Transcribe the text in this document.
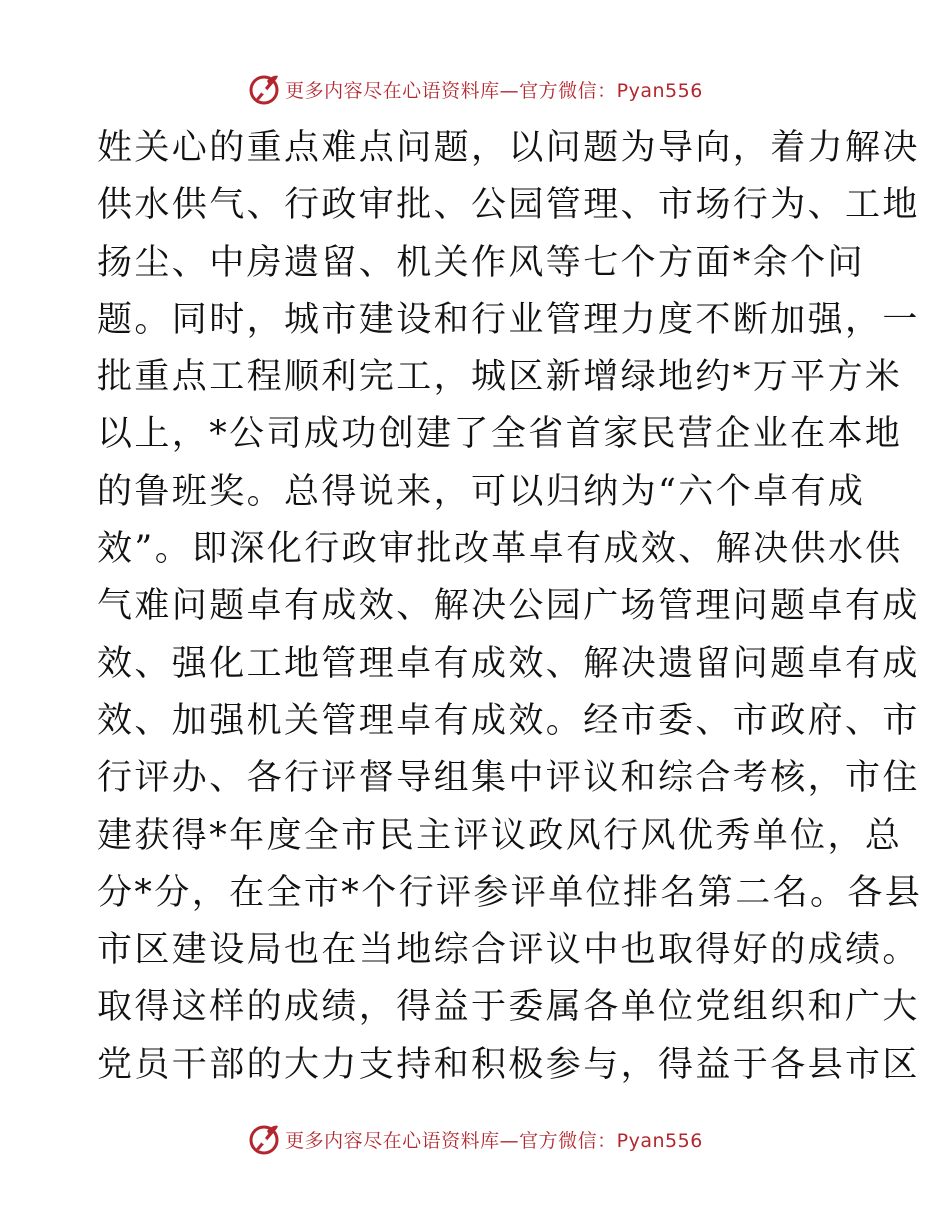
更多内容尽在心语资料库—官方微信：Pyan556
姓关心的重点难点问题，以问题为导向，着力解决
供水供气、行政审批、公园管理、市场行为、工地
扬尘、中房遗留、机关作风等七个方面*余个问
题。同时，城市建设和行业管理力度不断加强，一
批重点工程顺利完工，城区新增绿地约*万平方米
以上，*公司成功创建了全省首家民营企业在本地
的鲁班奖。总得说来，可以归纳为“六个卓有成
效”。即深化行政审批改革卓有成效、解决供水供
气难问题卓有成效、解决公园广场管理问题卓有成
效、强化工地管理卓有成效、解决遗留问题卓有成
效、加强机关管理卓有成效。经市委、市政府、市
行评办、各行评督导组集中评议和综合考核，市住
建获得*年度全市民主评议政风行风优秀单位，总
分*分，在全市*个行评参评单位排名第二名。各县
市区建设局也在当地综合评议中也取得好的成绩。
取得这样的成绩，得益于委属各单位党组织和广大
党员干部的大力支持和积极参与，得益于各县市区
更多内容尽在心语资料库—官方微信：Pyan556
